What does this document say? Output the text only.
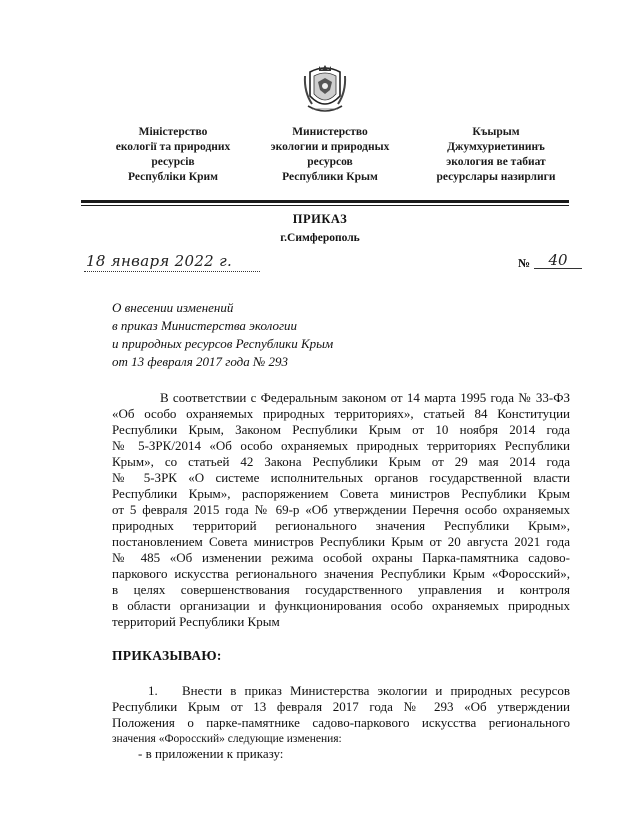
Міністерство
екології та природних
ресурсів
Республіки Крим
Министерство
экологии и природных
ресурсов
Республики Крым
Къырым
Джумхуриетининъ
экология ве табиат
ресурслары назирлиги
ПРИКАЗ
г.Симферополь
18 января 2022 г.	№	40
О внесении изменений
в приказ Министерства экологии
и природных ресурсов Республики Крым
от 13 февраля 2017 года № 293
В соответствии с Федеральным законом от 14 марта 1995 года № 33-ФЗ
«Об особо охраняемых природных территориях», статьей 84 Конституции
Республики Крым, Законом Республики Крым от 10 ноября 2014 года
№ 5-ЗРК/2014 «Об особо охраняемых природных территориях Республики
Крым», со статьей 42 Закона Республики Крым от 29 мая 2014 года
№ 5-ЗРК «О системе исполнительных органов государственной власти
Республики Крым», распоряжением Совета министров Республики Крым
от 5 февраля 2015 года № 69-р «Об утверждении Перечня особо охраняемых
природных территорий регионального значения Республики Крым»,
постановлением Совета министров Республики Крым от 20 августа 2021 года
№ 485 «Об изменении режима особой охраны Парка-памятника садово-
паркового искусства регионального значения Республики Крым «Форосский»,
в целях совершенствования государственного управления и контроля
в области организации и функционирования особо охраняемых природных
территорий Республики Крым
ПРИКАЗЫВАЮ:
1. Внести в приказ Министерства экологии и природных ресурсов
Республики Крым от 13 февраля 2017 года № 293 «Об утверждении
Положения о парке-памятнике садово-паркового искусства регионального
значения «Форосский» следующие изменения:
- в приложении к приказу:
